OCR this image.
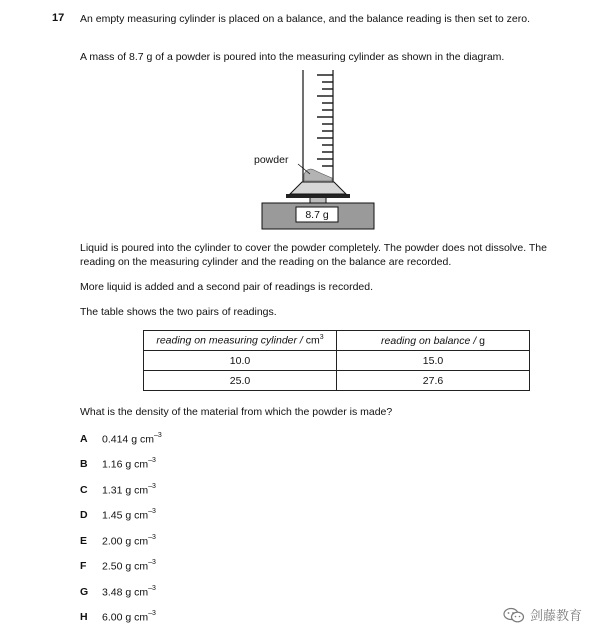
17 An empty measuring cylinder is placed on a balance, and the balance reading is then set to zero.
A mass of 8.7 g of a powder is poured into the measuring cylinder as shown in the diagram.
powder
8.7 g
Liquid is poured into the cylinder to cover the powder completely. The powder does not dissolve. The reading on the measuring cylinder and the reading on the balance are recorded.
More liquid is added and a second pair of readings is recorded.
The table shows the two pairs of readings.
reading on measuring cylinder / $cm^3$	reading on balance / g
10.0	15.0
25.0	27.6
What is the density of the material from which the powder is made?
A 0.414 g $cm^{-3}$
B 1.16 g $cm^{-3}$
C 1.31 g $cm^{-3}$
D 1.45 g $cm^{-3}$
E 2.00 g $cm^{-3}$
F 2.50 g $cm^{-3}$
G 3.48 g $cm^{-3}$
H 6.00 g $cm^{-3}$	剑藤教育
